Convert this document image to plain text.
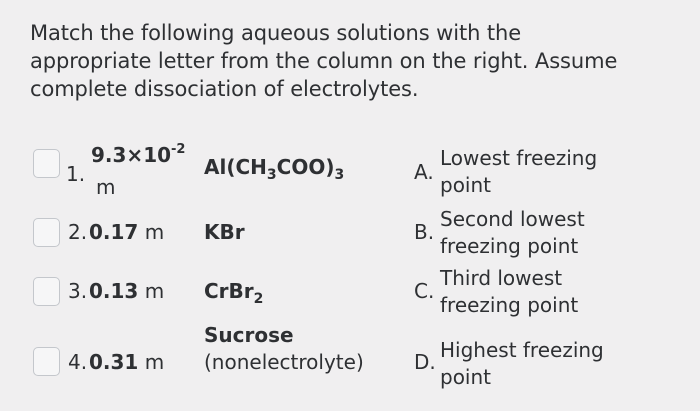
Match the following aqueous solutions with the
appropriate letter from the column on the right. Assume
complete dissociation of electrolytes.
1.
$9.3\times 10^{-2}$
m
$Al(CH_3COO)_3$
2. 0.17 m KBr
3. 0.13 m CrBr$_2$
4. 0.31 m
Sucrose
(nonelectrolyte)
A.
Lowest freezing
point
B.
Second lowest
freezing point
C.
Third lowest
freezing point
D. Highest freezing
point
